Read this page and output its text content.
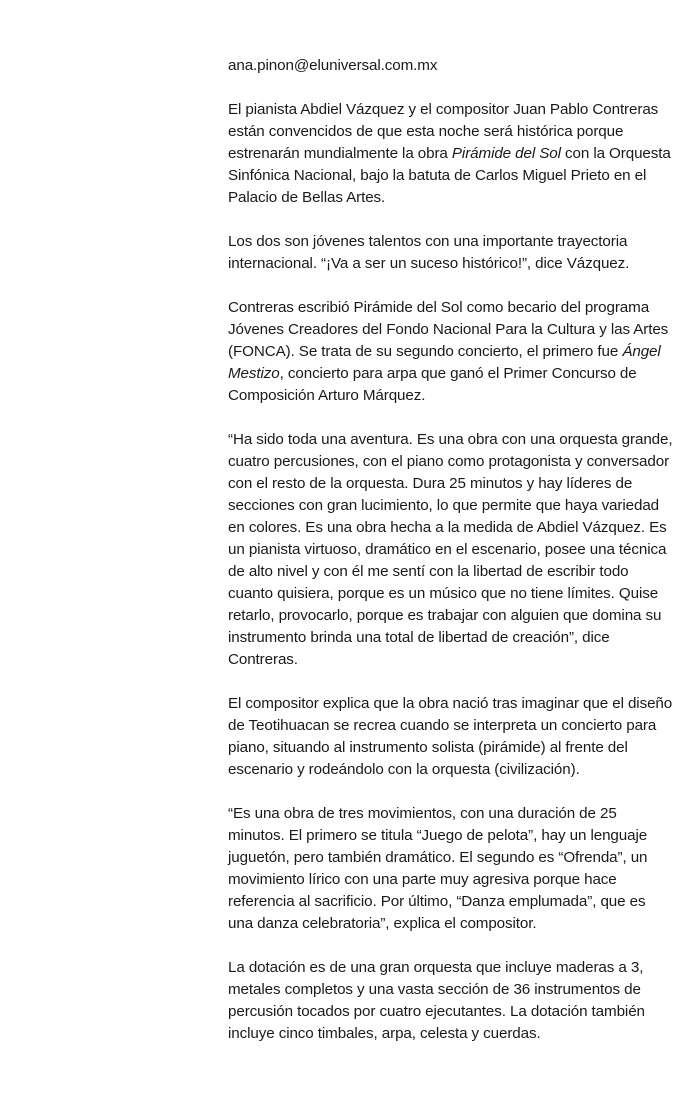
ana.pinon@eluniversal.com.mx

El pianista Abdiel Vázquez y el compositor Juan Pablo Contreras están convencidos de que esta noche será histórica porque estrenarán mundialmente la obra Pirámide del Sol con la Orquesta Sinfónica Nacional, bajo la batuta de Carlos Miguel Prieto en el Palacio de Bellas Artes.

Los dos son jóvenes talentos con una importante trayectoria internacional. “¡Va a ser un suceso histórico!”, dice Vázquez.

Contreras escribió Pirámide del Sol como becario del programa Jóvenes Creadores del Fondo Nacional Para la Cultura y las Artes (FONCA). Se trata de su segundo concierto, el primero fue Ángel Mestizo, concierto para arpa que ganó el Primer Concurso de Composición Arturo Márquez.

“Ha sido toda una aventura. Es una obra con una orquesta grande, cuatro percusiones, con el piano como protagonista y conversador con el resto de la orquesta. Dura 25 minutos y hay líderes de secciones con gran lucimiento, lo que permite que haya variedad en colores. Es una obra hecha a la medida de Abdiel Vázquez. Es un pianista virtuoso, dramático en el escenario, posee una técnica de alto nivel y con él me sentí con la libertad de escribir todo cuanto quisiera, porque es un músico que no tiene límites. Quise retarlo, provocarlo, porque es trabajar con alguien que domina su instrumento brinda una total de libertad de creación”, dice Contreras.

El compositor explica que la obra nació tras imaginar que el diseño de Teotihuacan se recrea cuando se interpreta un concierto para piano, situando al instrumento solista (pirámide) al frente del escenario y rodeándolo con la orquesta (civilización).

“Es una obra de tres movimientos, con una duración de 25 minutos. El primero se titula “Juego de pelota”, hay un lenguaje juguetón, pero también dramático. El segundo es “Ofrenda”, un movimiento lírico con una parte muy agresiva porque hace referencia al sacrificio. Por último, “Danza emplumada”, que es una danza celebratoria”, explica el compositor.

La dotación es de una gran orquesta que incluye maderas a 3, metales completos y una vasta sección de 36 instrumentos de percusión tocados por cuatro ejecutantes. La dotación también incluye cinco timbales, arpa, celesta y cuerdas.
